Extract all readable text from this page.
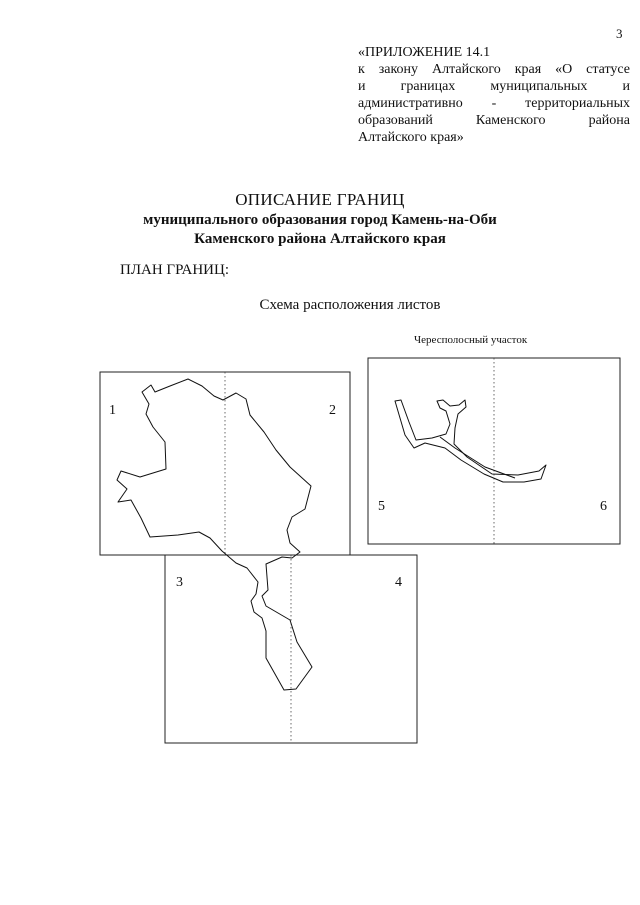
3
«ПРИЛОЖЕНИЕ 14.1
к закону Алтайского края «О статусе
и границах муниципальных и
административно - территориальных
образований Каменского района
Алтайского края»
ОПИСАНИЕ ГРАНИЦ
муниципального образования город Камень-на-Оби
Каменского района Алтайского края
ПЛАН ГРАНИЦ:
Схема расположения листов
Чересполосный участок
1	2
3	4
5	6
